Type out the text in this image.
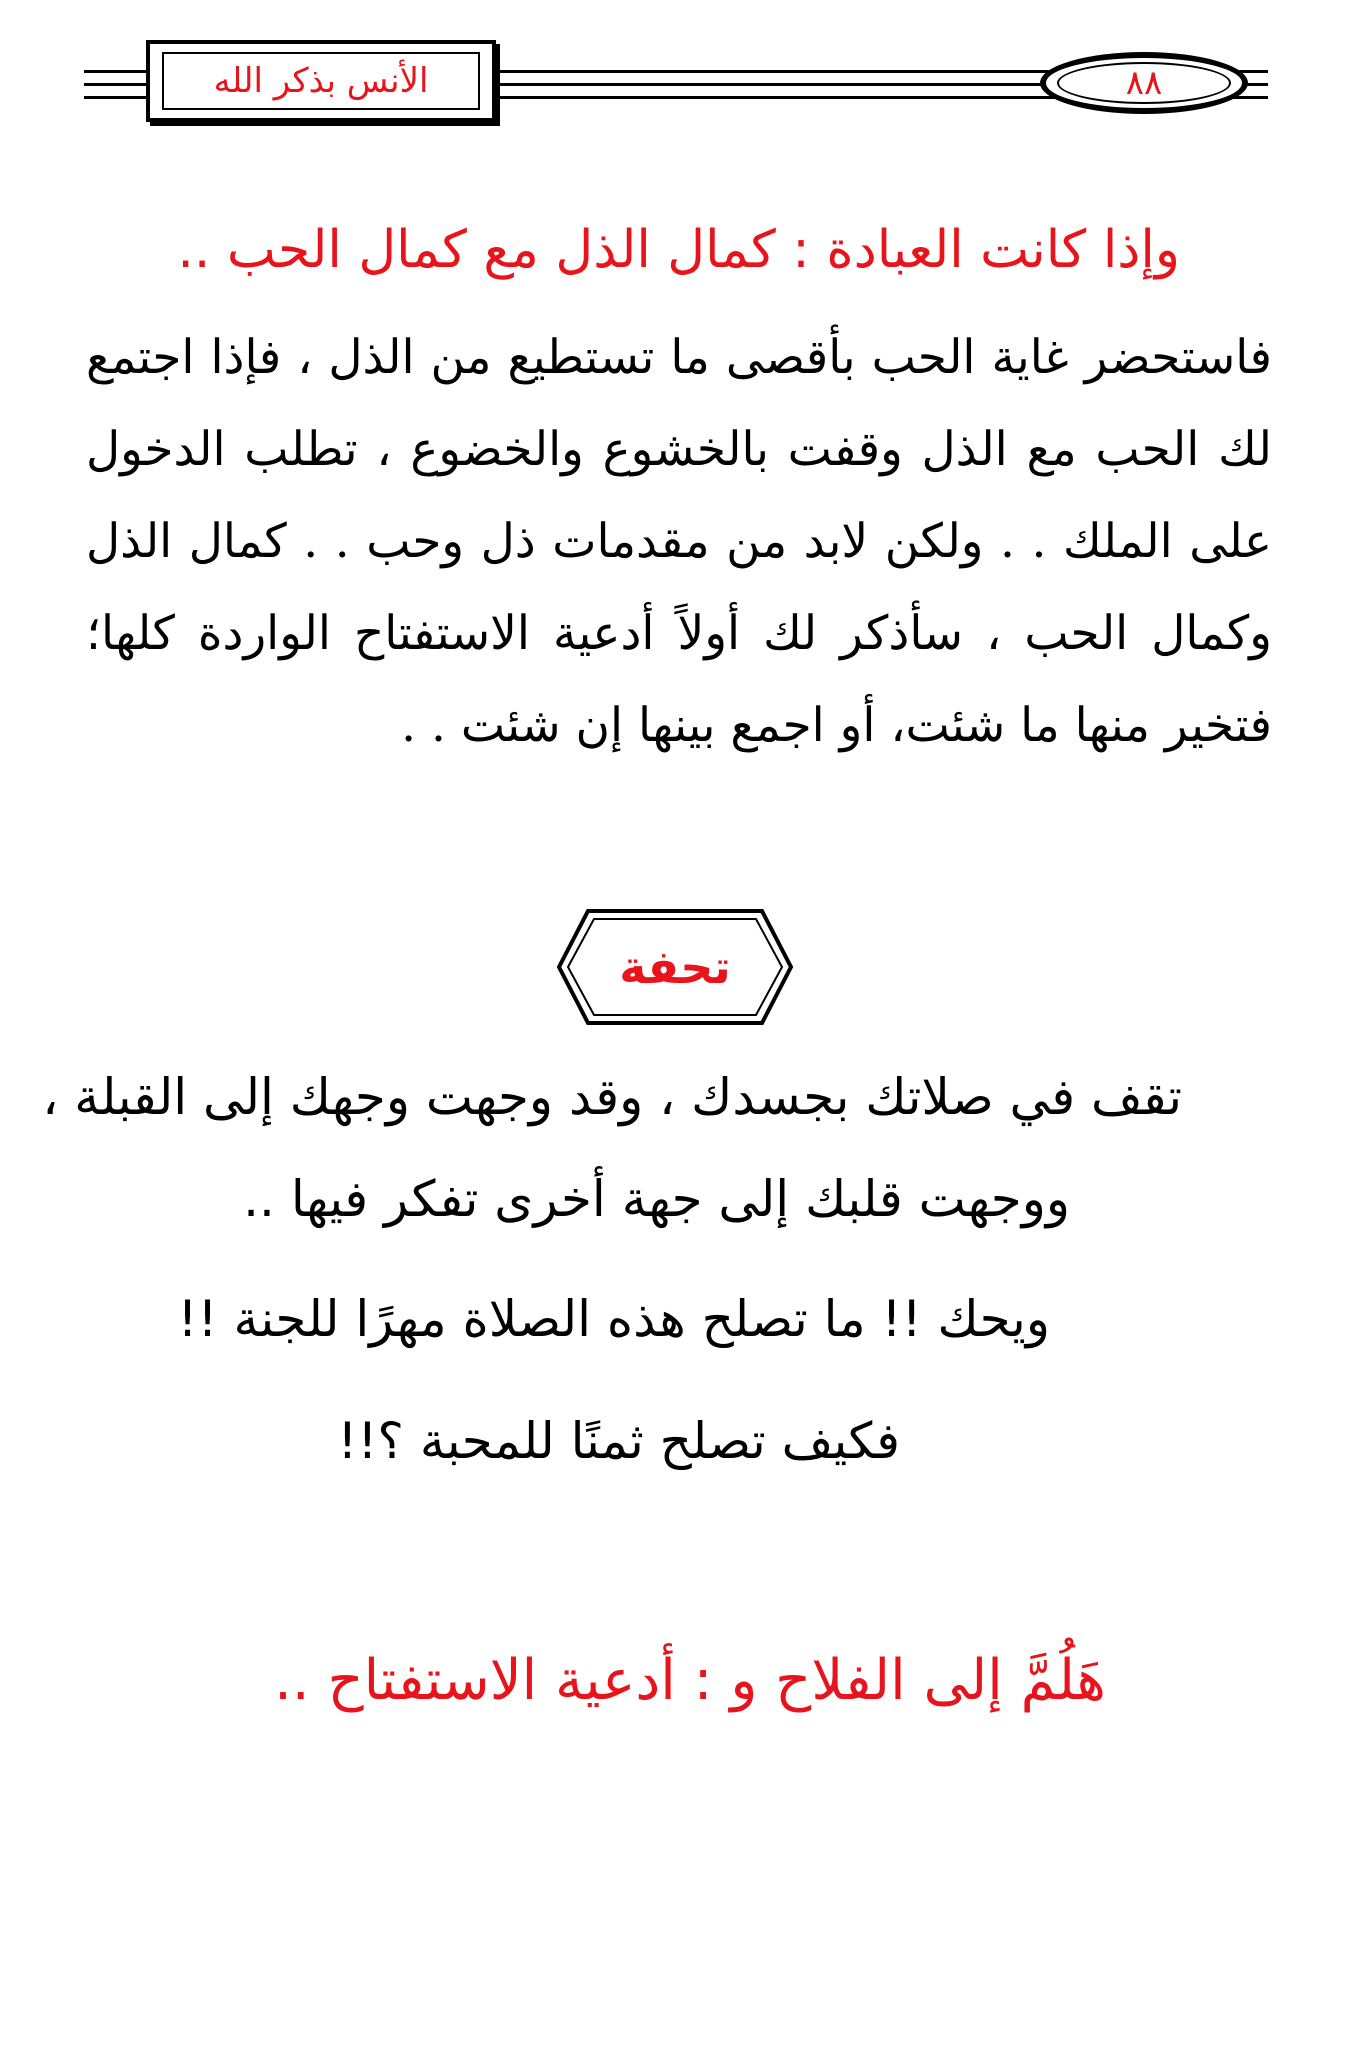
الأنس بذكر الله	٨٨
وإذا كانت العبادة : كمال الذل مع كمال الحب ..

فاستحضر غاية الحب بأقصى ما تستطيع من الذل ، فإذا اجتمع لك الحب مع الذل وقفت بالخشوع والخضوع ، تطلب الدخول على الملك . . ولكن لابد من مقدمات ذل وحب . . كمال الذل وكمال الحب ، سأذكر لك أولاً أدعية الاستفتاح الواردة كلها؛ فتخير منها ما شئت، أو اجمع بينها إن شئت . .

تحفة
تقف في صلاتك بجسدك ، وقد وجهت وجهك إلى القبلة ،
ووجهت قلبك إلى جهة أخرى تفكر فيها ..
ويحك !! ما تصلح هذه الصلاة مهرًا للجنة !!
فكيف تصلح ثمنًا للمحبة ؟!!
هَلُمَّ إلى الفلاح و : أدعية الاستفتاح ..
